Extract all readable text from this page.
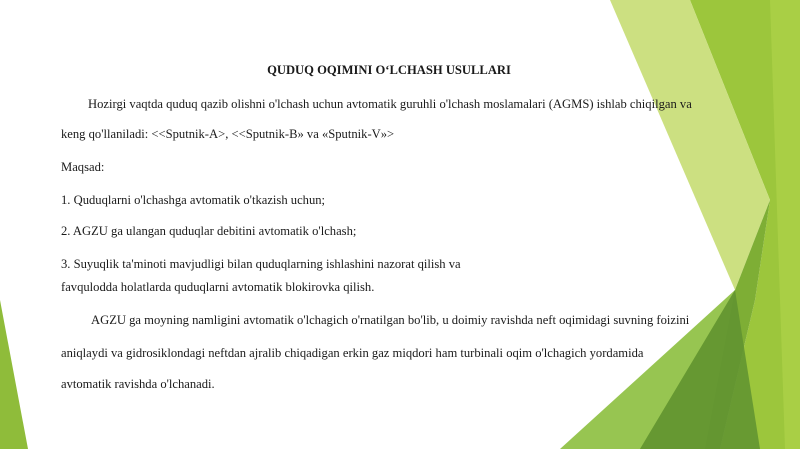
QUDUQ OQIMINI O‘LCHASH USULLARI
Hozirgi vaqtda quduq qazib olishni o'lchash uchun avtomatik guruhli o'lchash moslamalari (AGMS) ishlab chiqilgan va
keng qo'llaniladi: <<Sputnik-A>, <<Sputnik-B» va «Sputnik-V»>
Maqsad:
1. Quduqlarni o'lchashga avtomatik o'tkazish uchun;
2. AGZU ga ulangan quduqlar debitini avtomatik o'lchash;
3. Suyuqlik ta'minoti mavjudligi bilan quduqlarning ishlashini nazorat qilish va
favqulodda holatlarda quduqlarni avtomatik blokirovka qilish.
AGZU ga moyning namligini avtomatik o'lchagich o'rnatilgan bo'lib, u doimiy ravishda neft oqimidagi suvning foizini
aniqlaydi va gidrosiklondagi neftdan ajralib chiqadigan erkin gaz miqdori ham turbinali oqim o'lchagich yordamida
avtomatik ravishda o'lchanadi.
